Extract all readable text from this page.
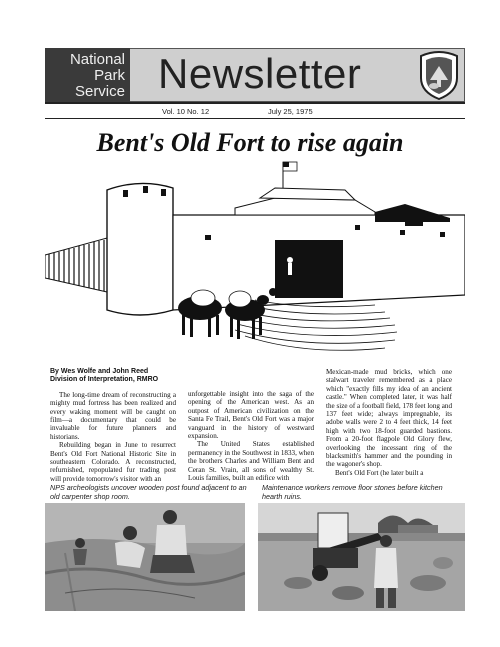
National
Park
Service Newsletter
Vol. 10 No. 12	July 25, 1975
Bent's Old Fort to rise again
By Wes Wolfe and John Reed
Division of Interpretation, RMRO

The long-time dream of reconstructing a mighty mud fortress has been realized and every waking moment will be caught on film—a documentary that could be invaluable for future planners and historians.

Rebuilding began in June to resurrect Bent's Old Fort National Historic Site in southeastern Colorado. A reconstructed, refurnished, repopulated fur trading post will provide tomorrow's visitor with an

unforgettable insight into the saga of the opening of the American west. As an outpost of American civilization on the Santa Fe Trail, Bent's Old Fort was a major vanguard in the history of westward expansion.

The United States established permanency in the Southwest in 1833, when the brothers Charles and William Bent and Ceran St. Vrain, all sons of wealthy St. Louis families, built an edifice with

Mexican-made mud bricks, which one stalwart traveler remembered as a place which "exactly fills my idea of an ancient castle." When completed later, it was half the size of a football field, 178 feet long and 137 feet wide; always impregnable, its adobe walls were 2 to 4 feet thick, 14 feet high with two 18-foot guarded bastions. From a 20-foot flagpole Old Glory flew, overlooking the incessant ring of the blacksmith's hammer and the pounding in the wagoner's shop.

Bent's Old Fort (he later built a

NPS archeologists uncover wooden post found adjacent to an old carpenter shop room.
Maintenance workers remove floor stones before kitchen hearth ruins.
